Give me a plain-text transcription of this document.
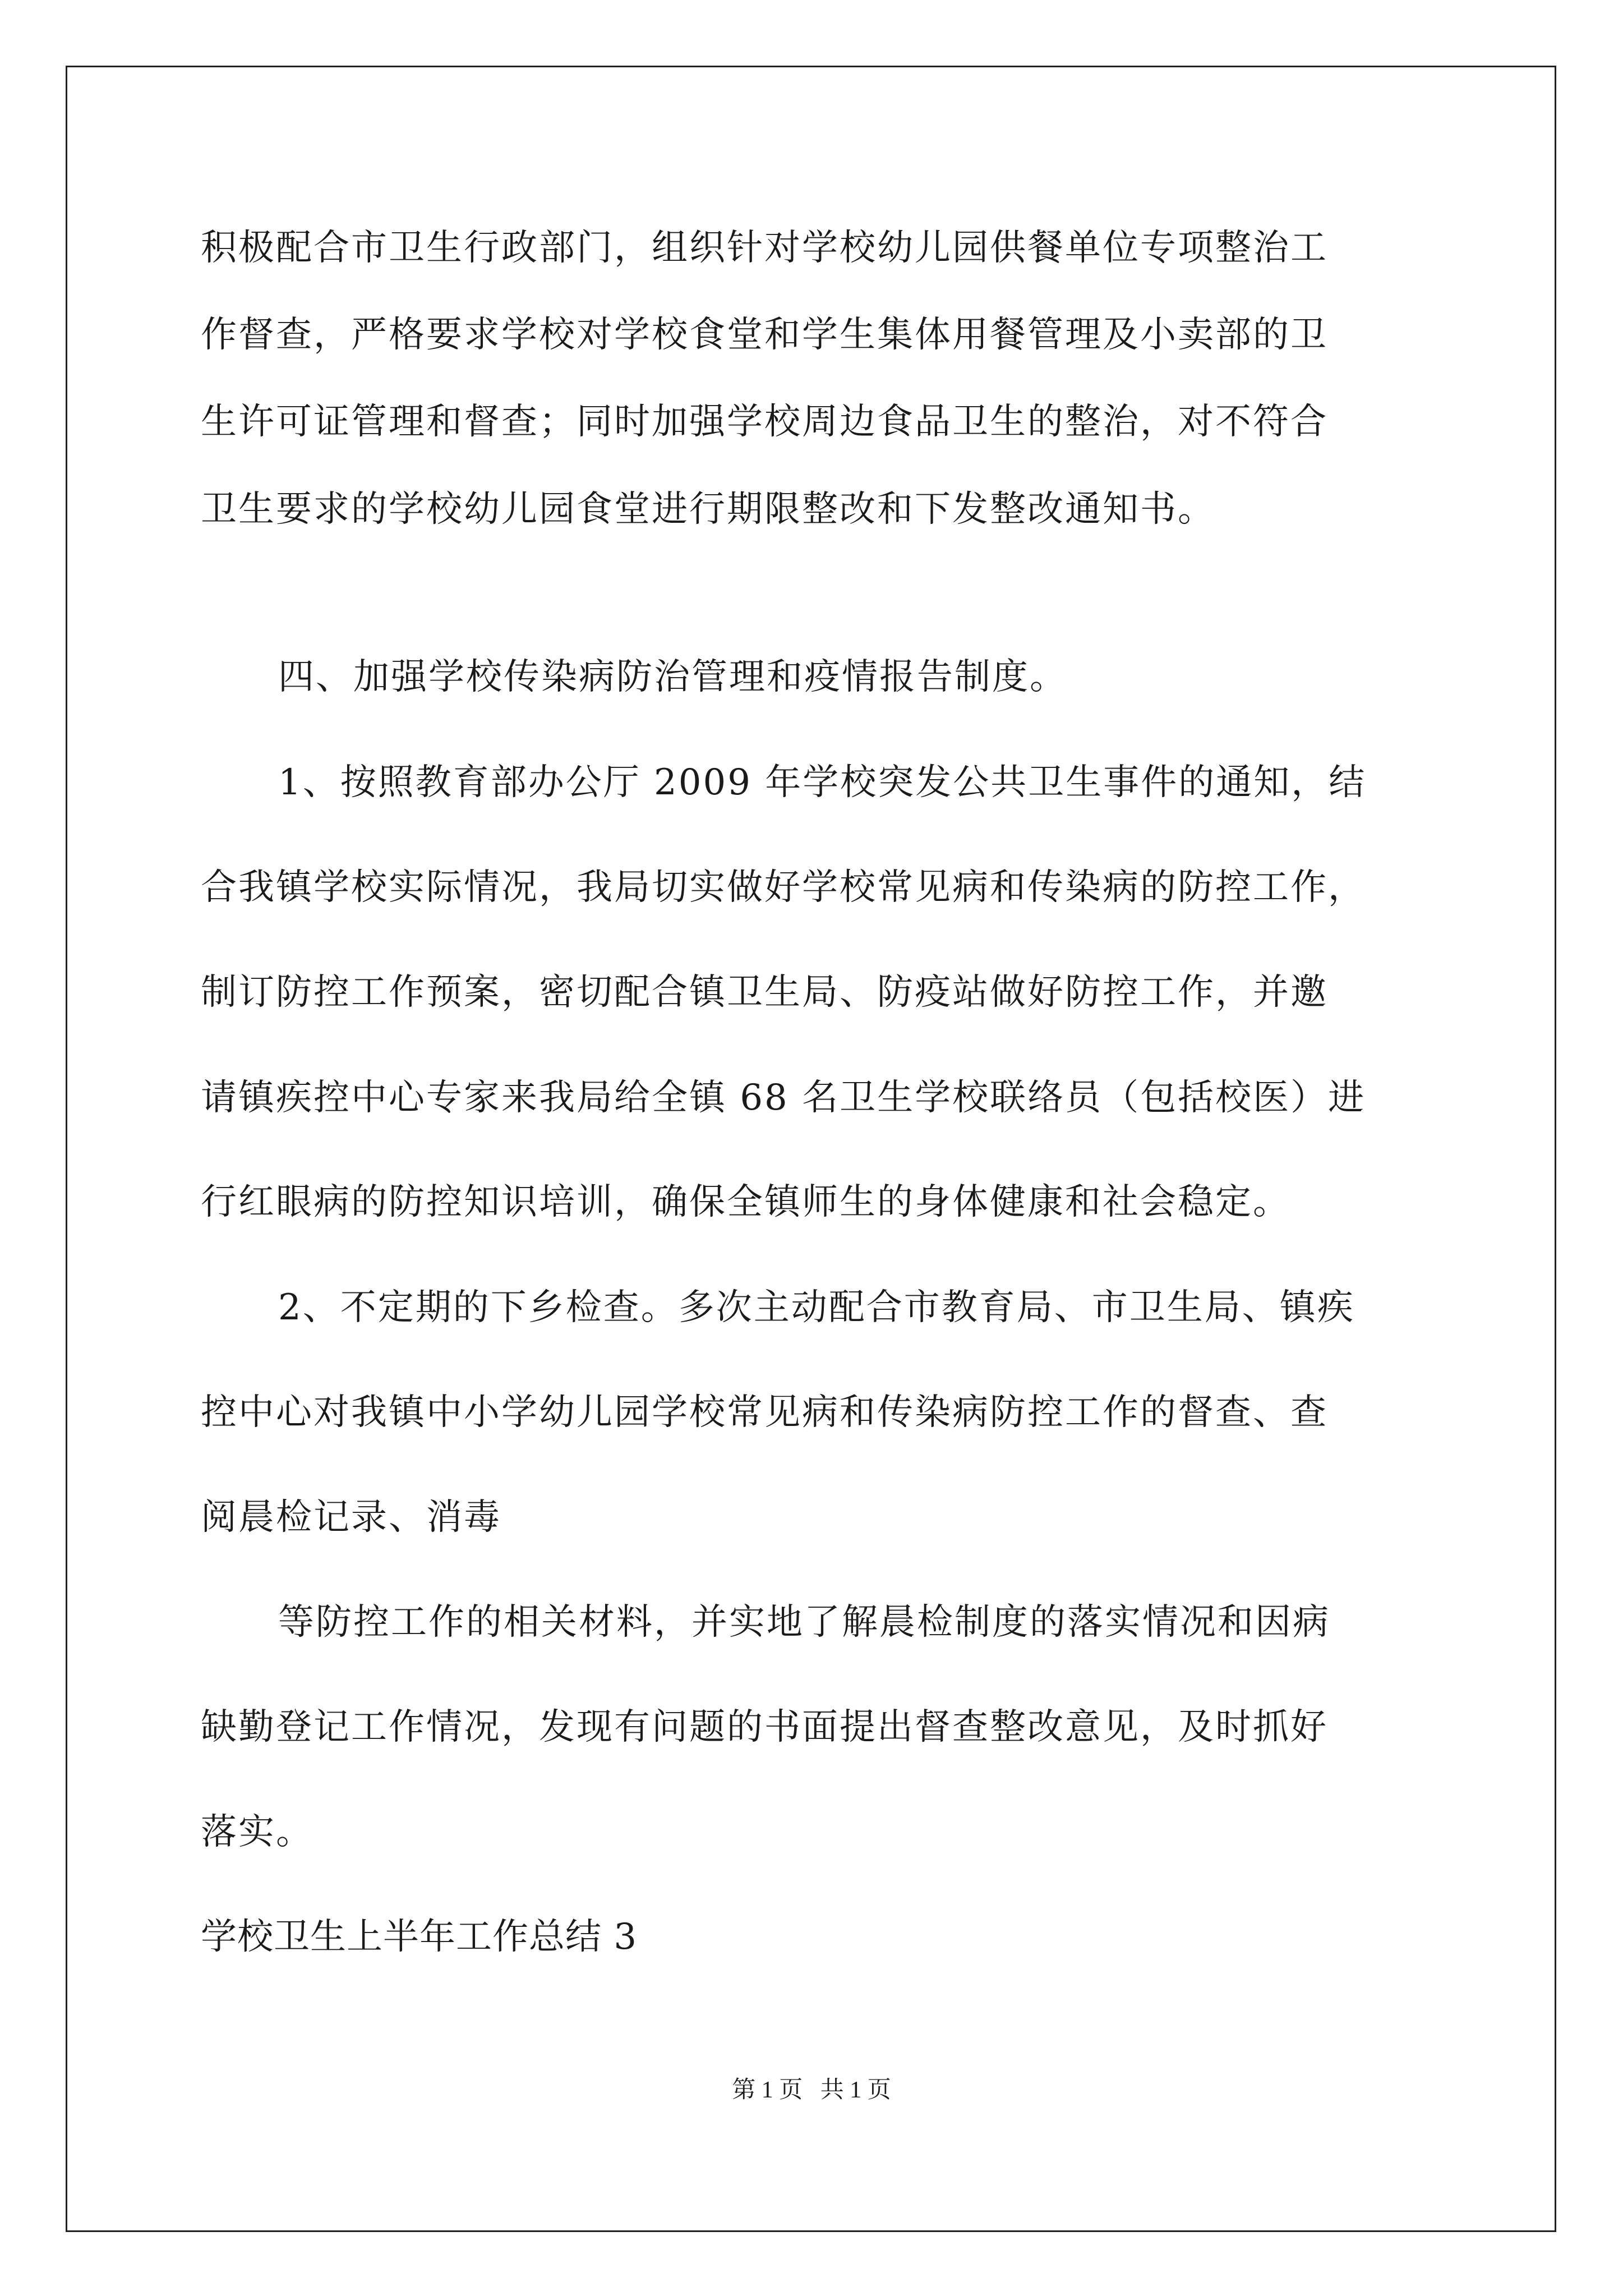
积极配合市卫生行政部门，组织针对学校幼儿园供餐单位专项整治工
作督查，严格要求学校对学校食堂和学生集体用餐管理及小卖部的卫
生许可证管理和督查；同时加强学校周边食品卫生的整治，对不符合
卫生要求的学校幼儿园食堂进行期限整改和下发整改通知书。
四、加强学校传染病防治管理和疫情报告制度。
1、按照教育部办公厅 2009 年学校突发公共卫生事件的通知，结
合我镇学校实际情况，我局切实做好学校常见病和传染病的防控工作，
制订防控工作预案，密切配合镇卫生局、防疫站做好防控工作，并邀
请镇疾控中心专家来我局给全镇 68 名卫生学校联络员（包括校医）进
行红眼病的防控知识培训，确保全镇师生的身体健康和社会稳定。
2、不定期的下乡检查。多次主动配合市教育局、市卫生局、镇疾
控中心对我镇中小学幼儿园学校常见病和传染病防控工作的督查、查
阅晨检记录、消毒
等防控工作的相关材料，并实地了解晨检制度的落实情况和因病
缺勤登记工作情况，发现有问题的书面提出督查整改意见，及时抓好
落实。
学校卫生上半年工作总结 3
第 1 页   共 1 页
